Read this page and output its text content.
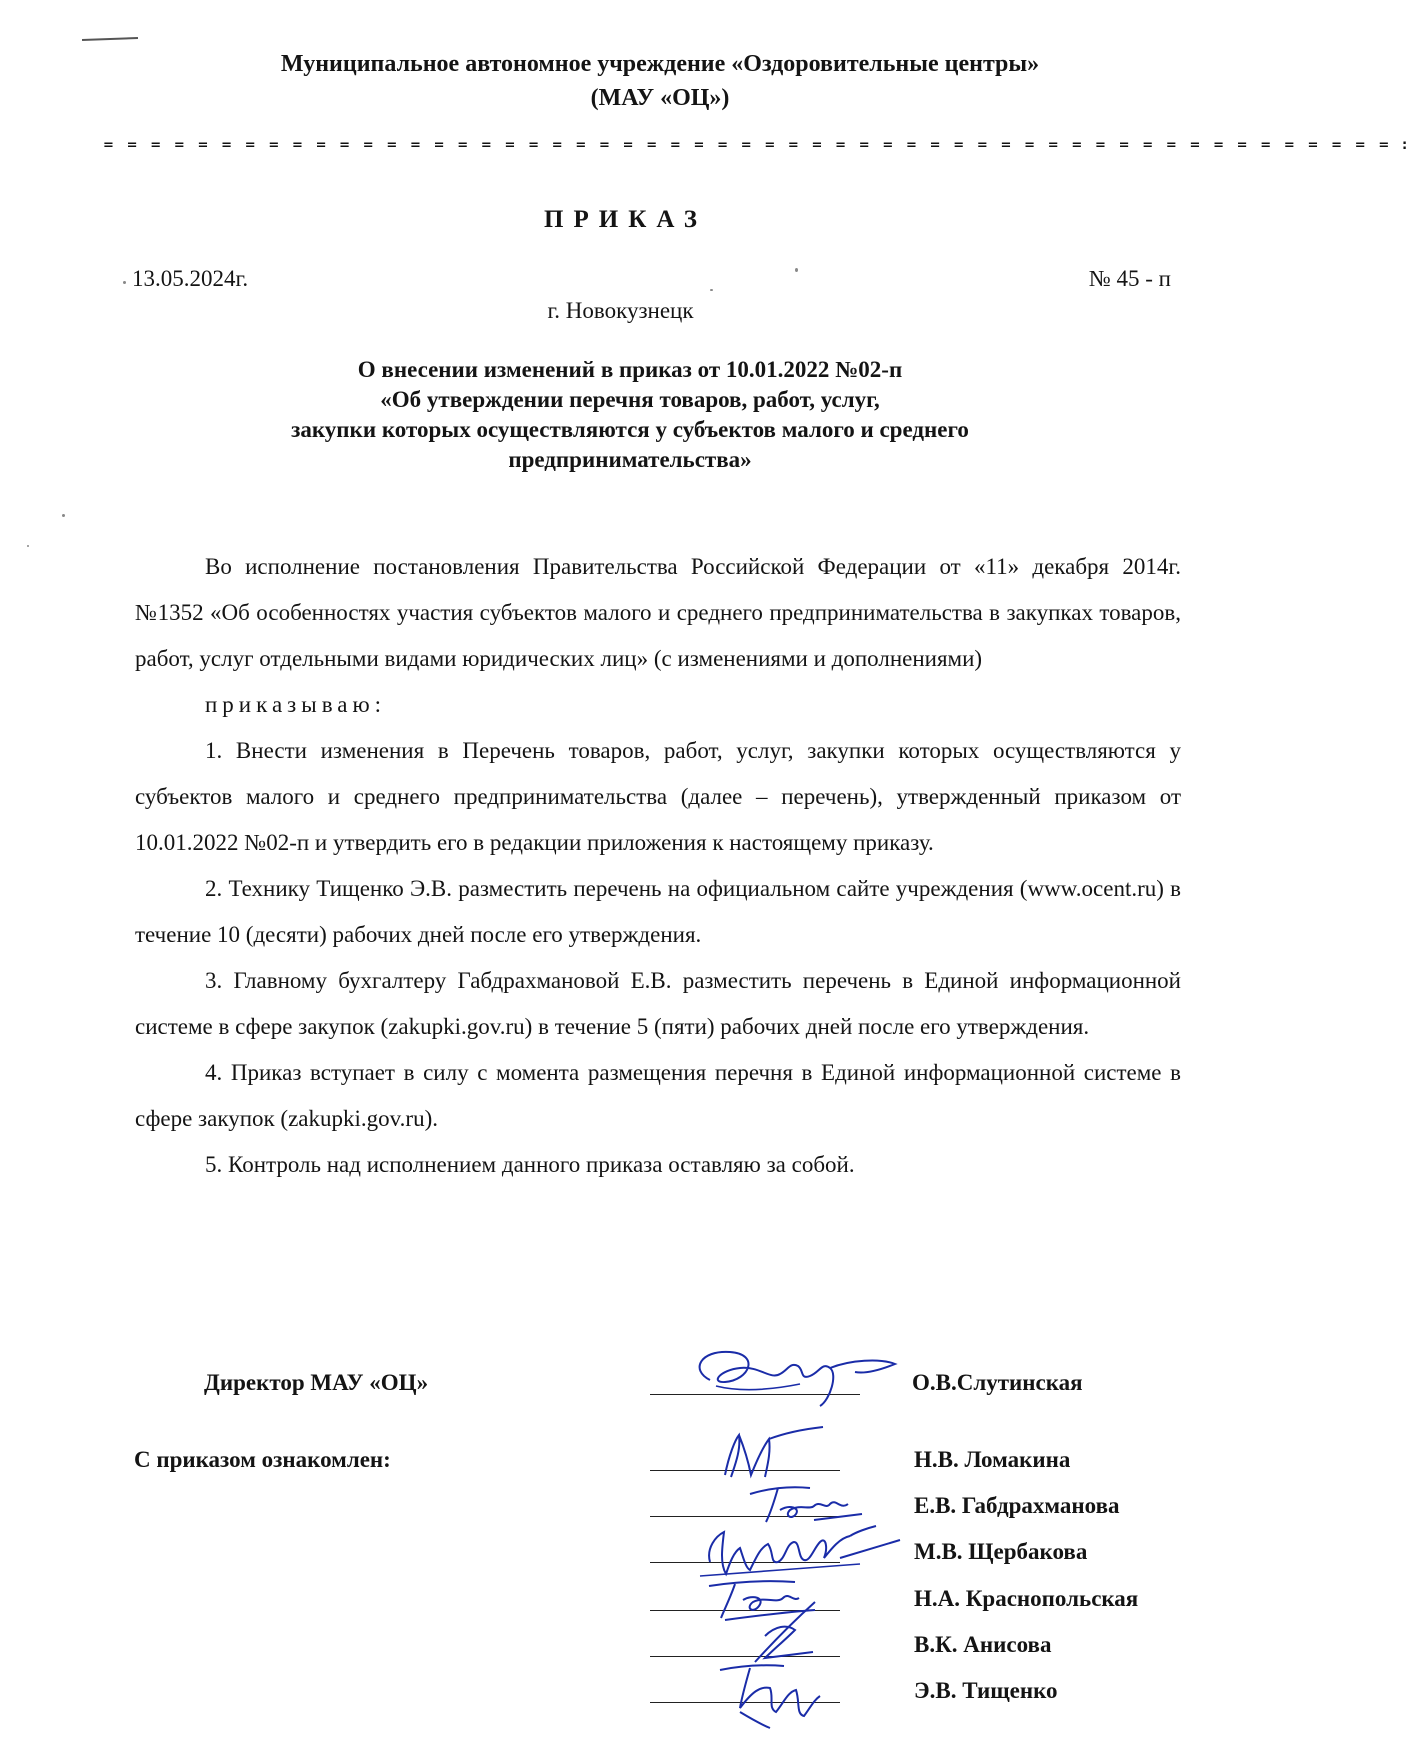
Муниципальное автономное учреждение «Оздоровительные центры»
(МАУ «ОЦ»)
= = = = = = = = = = = = = = = = = = = = = = = = = = = = = = = = = = = = = = = = = = = = = = = = = = = = = = = :
ПРИКАЗ
13.05.2024г.	№ 45 - п
г. Новокузнецк
О внесении изменений в приказ от 10.01.2022 №02-п
«Об утверждении перечня товаров, работ, услуг,
закупки которых осуществляются у субъектов малого и среднего
предпринимательства»

Во исполнение постановления Правительства Российской Федерации от «11» декабря 2014г. №1352 «Об особенностях участия субъектов малого и среднего предпринимательства в закупках товаров, работ, услуг отдельными видами юридических лиц» (с изменениями и дополнениями)

приказываю:

1. Внести изменения в Перечень товаров, работ, услуг, закупки которых осуществляются у субъектов малого и среднего предпринимательства (далее – перечень), утвержденный приказом от 10.01.2022 №02-п и утвердить его в редакции приложения к настоящему приказу.

2. Технику Тищенко Э.В. разместить перечень на официальном сайте учреждения (www.ocent.ru) в течение 10 (десяти) рабочих дней после его утверждения.

3. Главному бухгалтеру Габдрахмановой Е.В. разместить перечень в Единой информационной системе в сфере закупок (zakupki.gov.ru) в течение 5 (пяти) рабочих дней после его утверждения.

4. Приказ вступает в силу с момента размещения перечня в Единой информационной системе в сфере закупок (zakupki.gov.ru).

5. Контроль над исполнением данного приказа оставляю за собой.

Директор МАУ «ОЦ»	О.В.Слутинская
С приказом ознакомлен:	Н.В. Ломакина
Е.В. Габдрахманова
М.В. Щербакова
Н.А. Краснопольская
В.К. Анисова
Э.В. Тищенко
